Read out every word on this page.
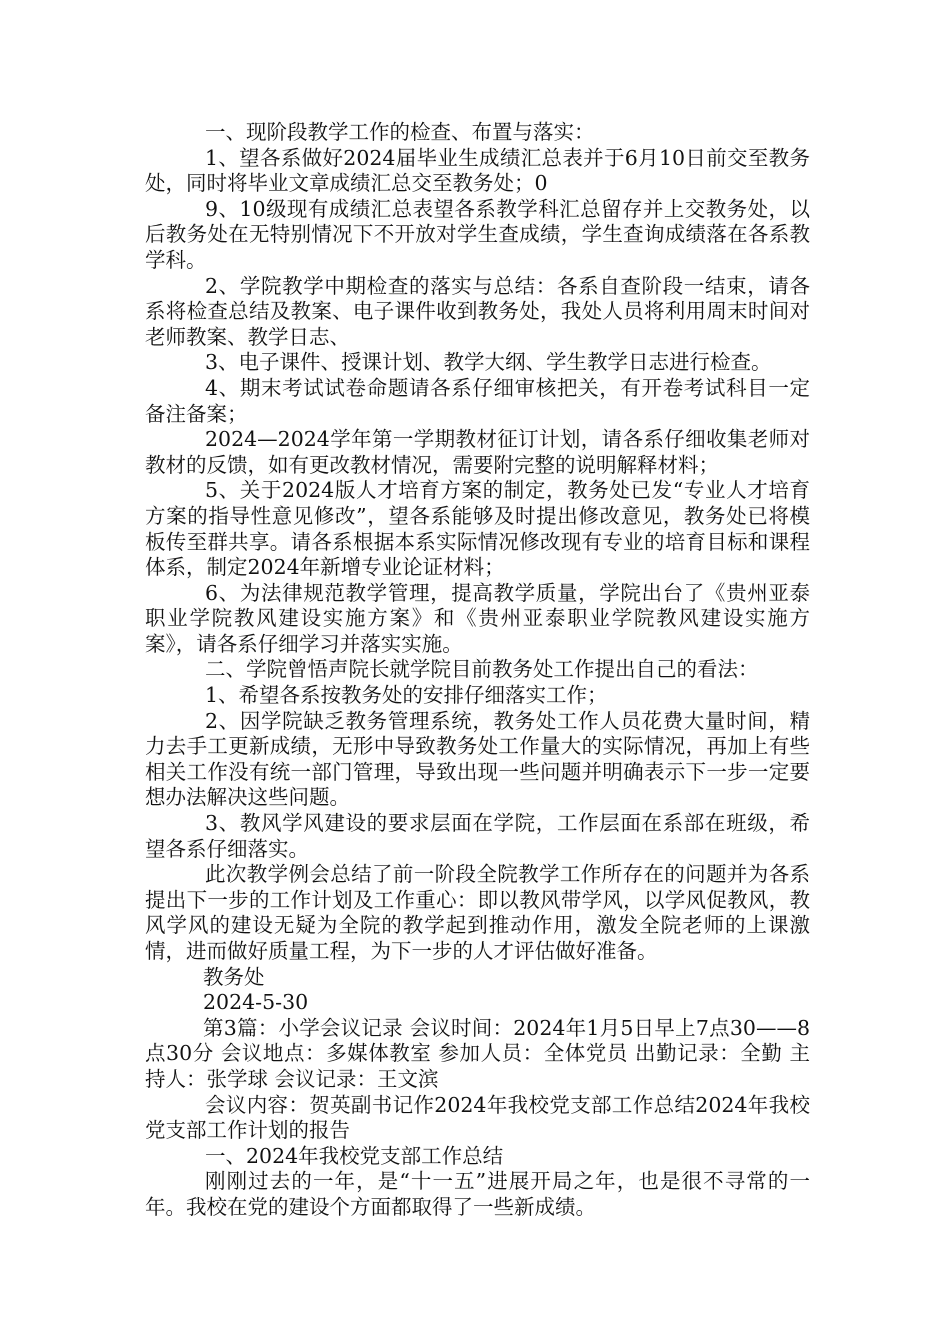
一、现阶段教学工作的检查、布置与落实：

1、望各系做好2024届毕业生成绩汇总表并于6月10日前交至教务处，同时将毕业文章成绩汇总交至教务处；0

9、10级现有成绩汇总表望各系教学科汇总留存并上交教务处，以后教务处在无特别情况下不开放对学生查成绩，学生查询成绩落在各系教学科。

2、学院教学中期检查的落实与总结：各系自查阶段一结束，请各系将检查总结及教案、电子课件收到教务处，我处人员将利用周末时间对老师教案、教学日志、

3、电子课件、授课计划、教学大纲、学生教学日志进行检查。

4、期末考试试卷命题请各系仔细审核把关，有开卷考试科目一定备注备案；

2024—2024学年第一学期教材征订计划，请各系仔细收集老师对教材的反馈，如有更改教材情况，需要附完整的说明解释材料；

5、关于2024版人才培育方案的制定，教务处已发“专业人才培育方案的指导性意见修改”，望各系能够及时提出修改意见，教务处已将模板传至群共享。请各系根据本系实际情况修改现有专业的培育目标和课程体系，制定2024年新增专业论证材料；

6、为法律规范教学管理，提高教学质量，学院出台了《贵州亚泰职业学院教风建设实施方案》和《贵州亚泰职业学院教风建设实施方案》，请各系仔细学习并落实实施。

二、学院曾悟声院长就学院目前教务处工作提出自己的看法：

1、希望各系按教务处的安排仔细落实工作；

2、因学院缺乏教务管理系统，教务处工作人员花费大量时间，精力去手工更新成绩，无形中导致教务处工作量大的实际情况，再加上有些相关工作没有统一部门管理，导致出现一些问题并明确表示下一步一定要想办法解决这些问题。

3、教风学风建设的要求层面在学院，工作层面在系部在班级，希望各系仔细落实。

此次教学例会总结了前一阶段全院教学工作所存在的问题并为各系提出下一步的工作计划及工作重心：即以教风带学风，以学风促教风，教风学风的建设无疑为全院的教学起到推动作用，激发全院老师的上课激情，进而做好质量工程，为下一步的人才评估做好准备。

教务处

2024-5-30

第3篇：小学会议记录 会议时间：2024年1月5日早上7点30——8点30分 会议地点：多媒体教室 参加人员：全体党员 出勤记录：全勤 主持人：张学球 会议记录：王文滨

会议内容：贺英副书记作2024年我校党支部工作总结2024年我校党支部工作计划的报告

一、2024年我校党支部工作总结

刚刚过去的一年，是“十一五”进展开局之年，也是很不寻常的一年。我校在党的建设个方面都取得了一些新成绩。
